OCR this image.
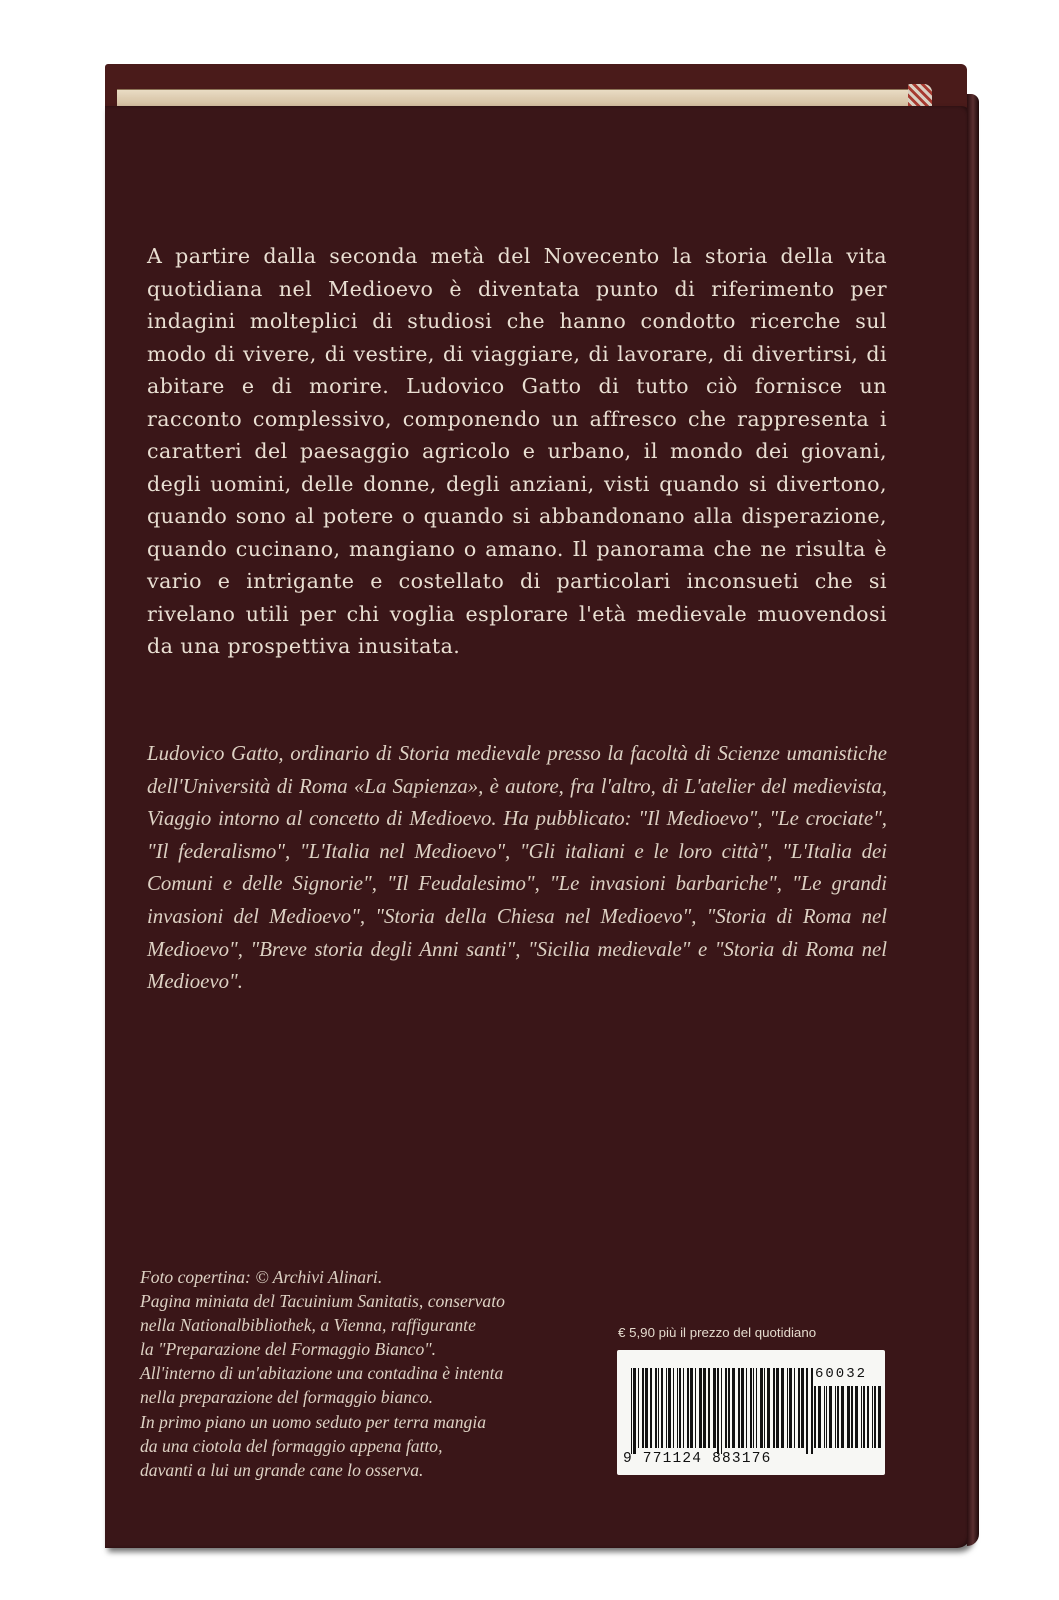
A partire dalla seconda metà del Novecento la storia della vita quotidiana nel Medioevo è diventata punto di riferimento per indagini molteplici di studiosi che hanno condotto ricerche sul modo di vivere, di vestire, di viaggiare, di lavorare, di divertirsi, di abitare e di morire. Ludovico Gatto di tutto ciò fornisce un racconto complessivo, componendo un affresco che rappresenta i caratteri del paesaggio agricolo e urbano, il mondo dei giovani, degli uomini, delle donne, degli anziani, visti quando si divertono, quando sono al potere o quando si abbandonano alla disperazione, quando cucinano, mangiano o amano. Il panorama che ne risulta è vario e intrigante e costellato di particolari inconsueti che si rivelano utili per chi voglia esplorare l'età medievale muovendosi da una prospettiva inusitata.

Ludovico Gatto, ordinario di Storia medievale presso la facoltà di Scienze umanistiche dell'Università di Roma «La Sapienza», è autore, fra l'altro, di L'atelier del medievista, Viaggio intorno al concetto di Medioevo. Ha pubblicato: "Il Medioevo", "Le crociate", "Il federalismo", "L'Italia nel Medioevo", "Gli italiani e le loro città", "L'Italia dei Comuni e delle Signorie", "Il Feudalesimo", "Le invasioni barbariche", "Le grandi invasioni del Medioevo", "Storia della Chiesa nel Medioevo", "Storia di Roma nel Medioevo", "Breve storia degli Anni santi", "Sicilia medievale" e "Storia di Roma nel Medioevo".

Foto copertina: © Archivi Alinari.
Pagina miniata del Tacuinium Sanitatis, conservato
nella Nationalbibliothek, a Vienna, raffigurante
la "Preparazione del Formaggio Bianco".
All'interno di un'abitazione una contadina è intenta
nella preparazione del formaggio bianco.
In primo piano un uomo seduto per terra mangia
da una ciotola del formaggio appena fatto,
davanti a lui un grande cane lo osserva.
€ 5,90 più il prezzo del quotidiano
60032
9 771124 883176
